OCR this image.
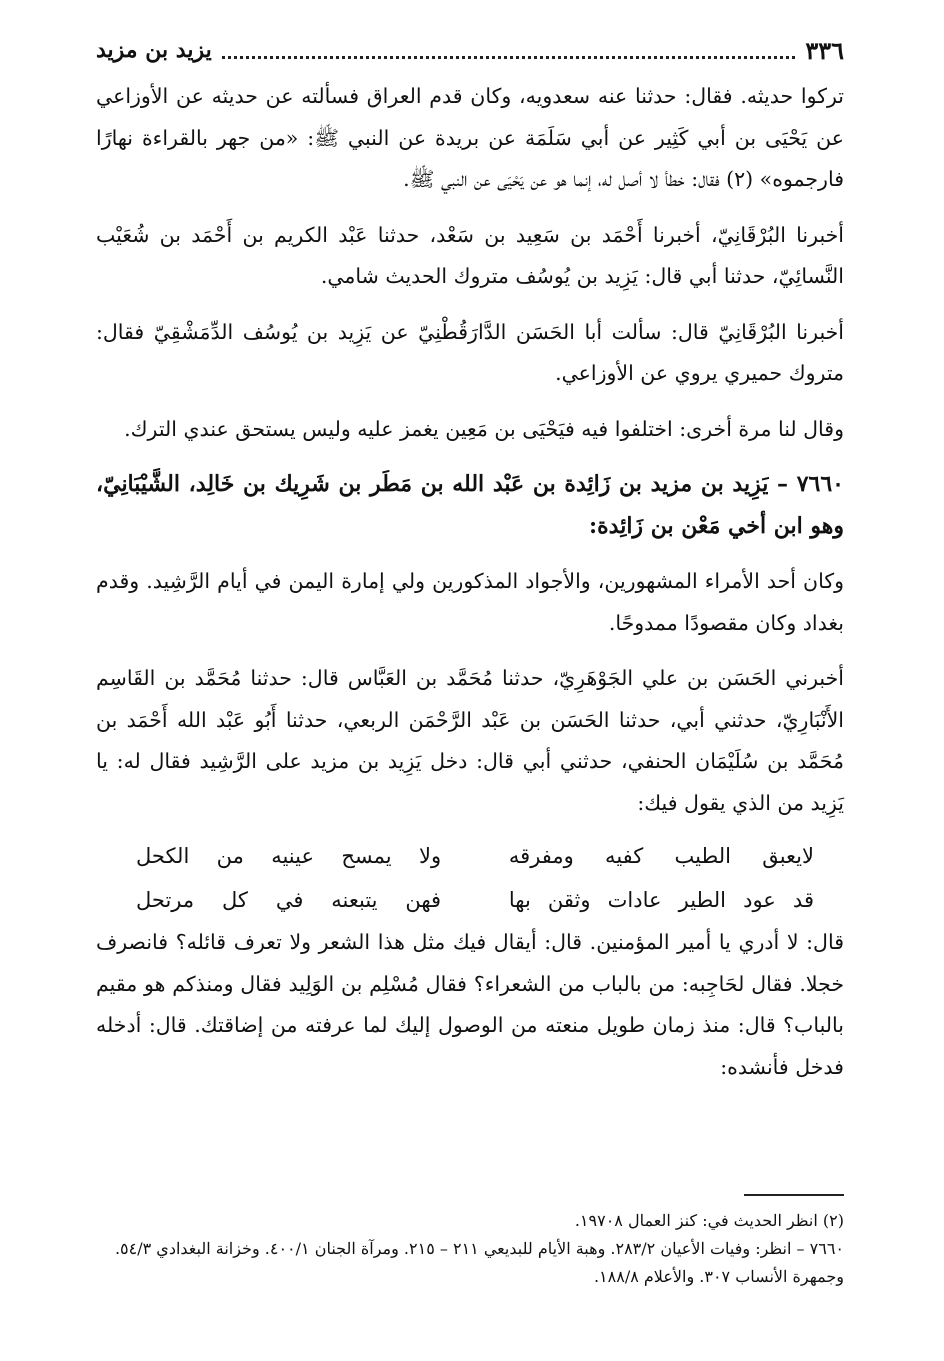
٣٣٦
يزيد بن مزيد

تركوا حديثه. فقال: حدثنا عنه سعدويه، وكان قدم العراق فسألته عن حديثه عن الأوزاعي عن يَحْيَى بن أبي كَثِير عن أبي سَلَمَة عن بريدة عن النبي ﷺ: «من جهر بالقراءة نهارًا فارجموه» (٢) فقال: خطأ لا أصل له، إنما هو عن يَحْيَى عن النبي ﷺ.

أخبرنا البُرْقَانِيّ، أخبرنا أَحْمَد بن سَعِيد بن سَعْد، حدثنا عَبْد الكريم بن أَحْمَد بن شُعَيْب النَّسائِيّ، حدثنا أبي قال: يَزِيد بن يُوسُف متروك الحديث شامي.

أخبرنا البُرْقَانِيّ قال: سألت أبا الحَسَن الدَّارَقُطْنِيّ عن يَزِيد بن يُوسُف الدِّمَشْقِيّ فقال: متروك حميري يروي عن الأوزاعي.

وقال لنا مرة أخرى: اختلفوا فيه فيَحْيَى بن مَعِين يغمز عليه وليس يستحق عندي الترك.

٧٦٦٠ – يَزِيد بن مزيد بن زَائِدة بن عَبْد الله بن مَطَر بن شَرِيك بن خَالِد، الشَّيْبَانِيّ، وهو ابن أخي مَعْن بن زَائِدة:

وكان أحد الأمراء المشهورين، والأجواد المذكورين ولي إمارة اليمن في أيام الرَّشِيد. وقدم بغداد وكان مقصودًا ممدوحًا.

أخبرني الحَسَن بن علي الجَوْهَرِيّ، حدثنا مُحَمَّد بن العَبَّاس قال: حدثنا مُحَمَّد بن القَاسِم الأَنْبَارِيّ، حدثني أبي، حدثنا الحَسَن بن عَبْد الرَّحْمَن الربعي، حدثنا أَبُو عَبْد الله أَحْمَد بن مُحَمَّد بن سُلَيْمَان الحنفي، حدثني أبي قال: دخل يَزِيد بن مزيد على الرَّشِيد فقال له: يا يَزِيد من الذي يقول فيك:

لايعبق الطيب كفيه ومفرقه
ولا يمسح عينيه من الكحل
قد عود الطير عادات وثقن بها
فهن يتبعنه في كل مرتحل

قال: لا أدري يا أمير المؤمنين. قال: أيقال فيك مثل هذا الشعر ولا تعرف قائله؟ فانصرف خجلا. فقال لحَاجِبه: من بالباب من الشعراء؟ فقال مُسْلِم بن الوَلِيد فقال ومنذكم هو مقيم بالباب؟ قال: منذ زمان طويل منعته من الوصول إليك لما عرفته من إضاقتك. قال: أدخله فدخل فأنشده:

(٢) انظر الحديث في: كنز العمال ١٩٧٠٨.
٧٦٦٠ – انظر: وفيات الأعيان ٢٨٣/٢. وهبة الأيام للبديعي ٢١١ – ٢١٥. ومرآة الجنان ٤٠٠/١. وخزانة البغدادي ٥٤/٣. وجمهرة الأنساب ٣٠٧. والأعلام ١٨٨/٨.
